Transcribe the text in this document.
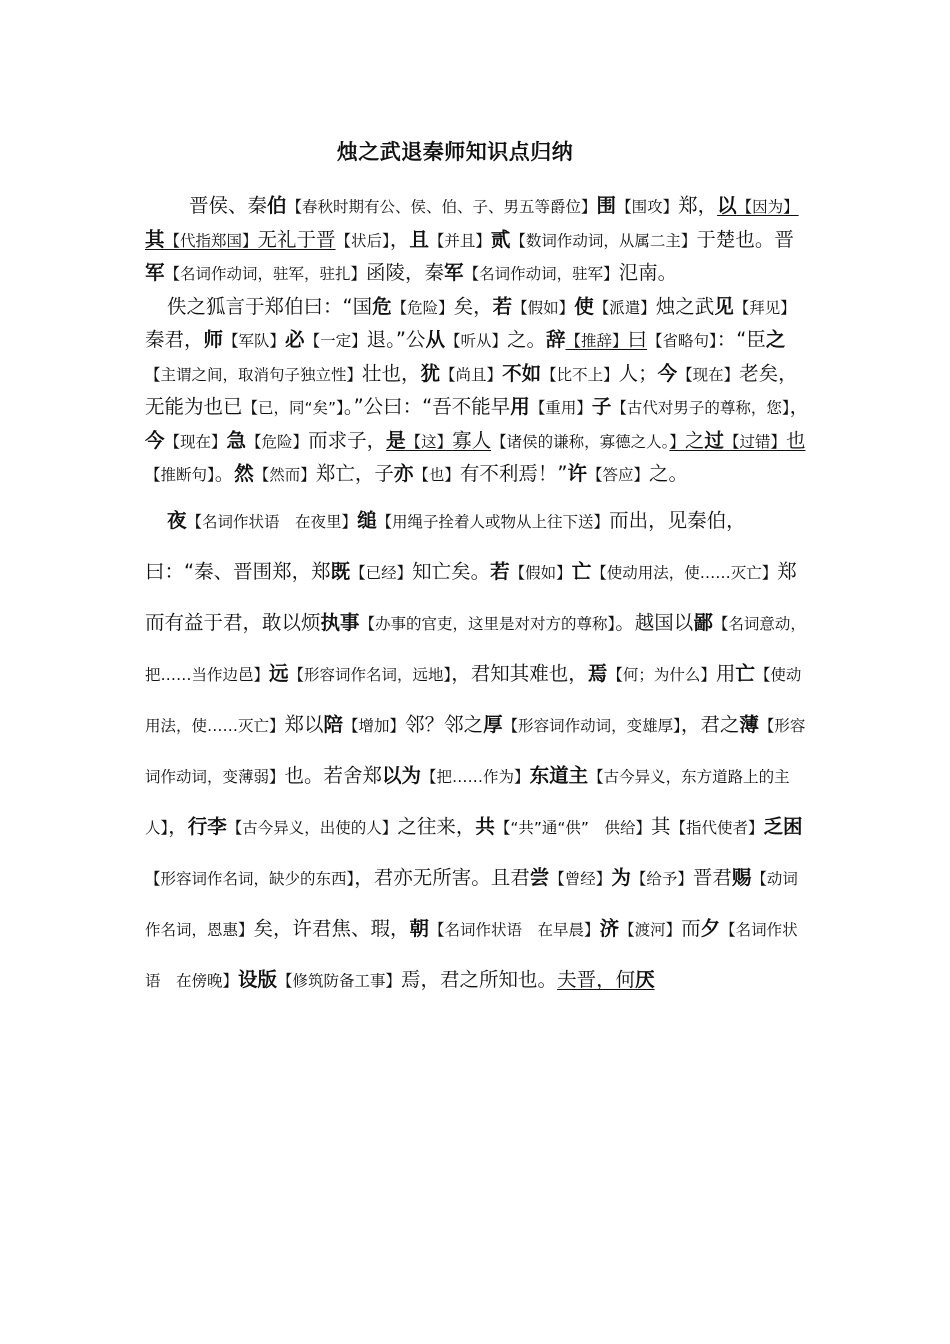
烛之武退秦师知识点归纳

晋侯、秦伯【春秋时期有公、侯、伯、子、男五等爵位】围【围攻】郑，以【因为】其【代指郑国】无礼于晋【状后】，且【并且】贰【数词作动词，从属二主】于楚也。晋军【名词作动词，驻军，驻扎】函陵，秦军【名词作动词，驻军】氾南。

佚之狐言于郑伯曰：“国危【危险】矣，若【假如】使【派遣】烛之武见【拜见】秦君，师【军队】必【一定】退。”公从【听从】之。辞【推辞】曰【省略句】：“臣之【主谓之间，取消句子独立性】壮也，犹【尚且】不如【比不上】人；今【现在】老矣，无能为也已【已，同“矣”】。”公曰：“吾不能早用【重用】子【古代对男子的尊称，您】，今【现在】急【危险】而求子，是【这】寡人【诸侯的谦称，寡德之人。】之过【过错】也【推断句】。然【然而】郑亡，子亦【也】有不利焉！”许【答应】之。

夜【名词作状语　在夜里】缒【用绳子拴着人或物从上往下送】而出，见秦伯，曰：“秦、晋围郑，郑既【已经】知亡矣。若【假如】亡【使动用法，使……灭亡】郑而有益于君，敢以烦执事【办事的官吏，这里是对对方的尊称】。越国以鄙【名词意动，把……当作边邑】远【形容词作名词，远地】，君知其难也，焉【何；为什么】用亡【使动用法，使……灭亡】郑以陪【增加】邻？邻之厚【形容词作动词，变雄厚】，君之薄【形容词作动词，变薄弱】也。若舍郑以为【把……作为】东道主【古今异义，东方道路上的主人】，行李【古今异义，出使的人】之往来，共【“共”通“供”　供给】其【指代使者】乏困【形容词作名词，缺少的东西】，君亦无所害。且君尝【曾经】为【给予】晋君赐【动词作名词，恩惠】矣，许君焦、瑕，朝【名词作状语　在早晨】济【渡河】而夕【名词作状语　在傍晚】设版【修筑防备工事】焉，君之所知也。夫晋，何厌
